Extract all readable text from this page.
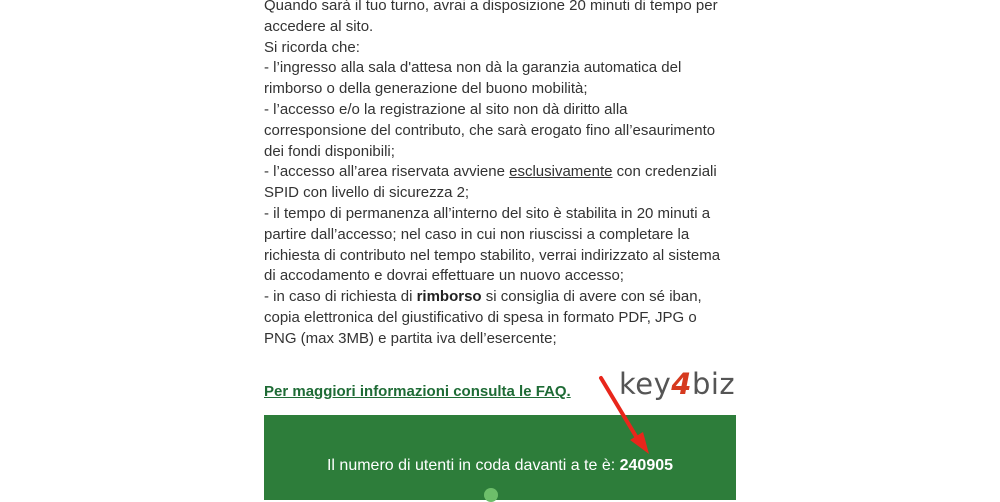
Quando sarà il tuo turno, avrai a disposizione 20 minuti di tempo per

accedere al sito.

Si ricorda che:

- l’ingresso alla sala d'attesa non dà la garanzia automatica del

rimborso o della generazione del buono mobilità;

- l’accesso e/o la registrazione al sito non dà diritto alla

corresponsione del contributo, che sarà erogato fino all’esaurimento

dei fondi disponibili;

- l’accesso all’area riservata avviene esclusivamente con credenziali

SPID con livello di sicurezza 2;

- il tempo di permanenza all’interno del sito è stabilita in 20 minuti a

partire dall’accesso; nel caso in cui non riuscissi a completare la

richiesta di contributo nel tempo stabilito, verrai indirizzato al sistema

di accodamento e dovrai effettuare un nuovo accesso;

- in caso di richiesta di rimborso si consiglia di avere con sé iban,

copia elettronica del giustificativo di spesa in formato PDF, JPG o

PNG (max 3MB) e partita iva dell’esercente;

Per maggiori informazioni consulta le FAQ. key4biz
Il numero di utenti in coda davanti a te è: 240905
